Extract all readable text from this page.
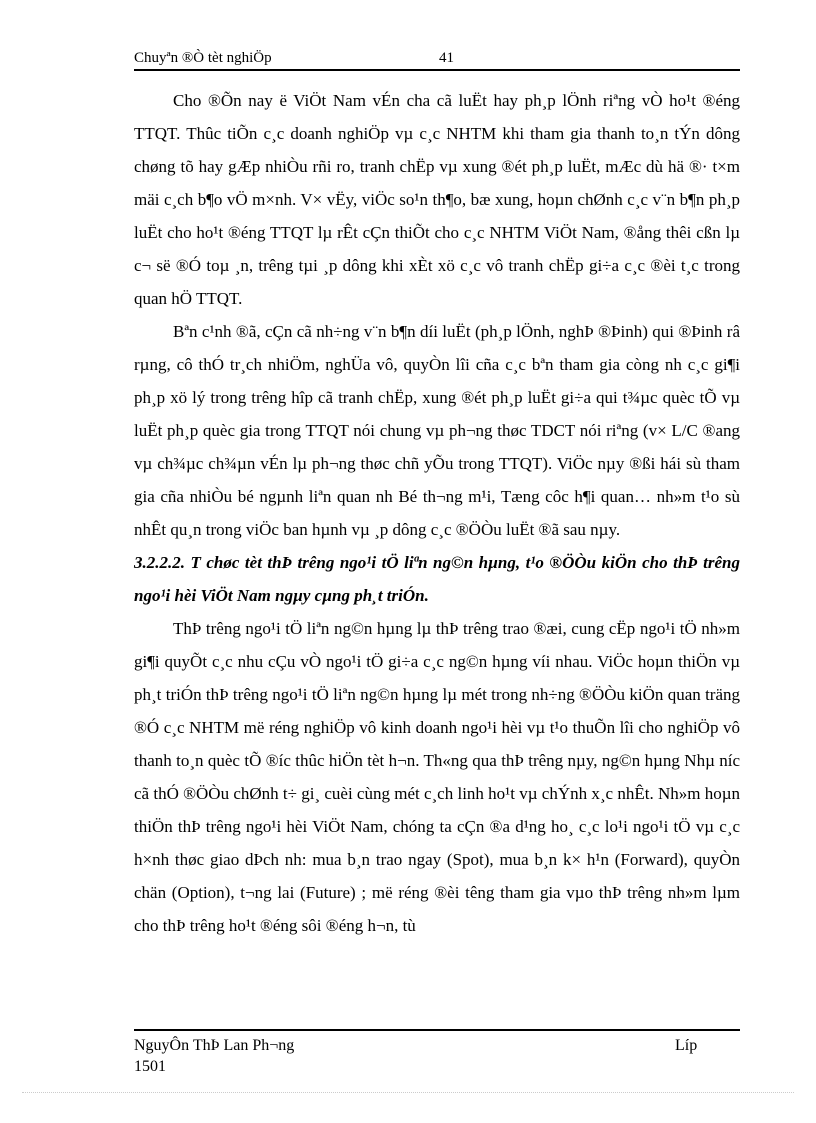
Chuyªn ®Ò tèt nghiÖp	41

Cho ®Õn nay ë ViÖt Nam vÉn cha cã luËt hay ph¸p lÖnh riªng vÒ ho¹t ®éng TTQT. Thûc tiÕn c¸c doanh nghiÖp vµ c¸c NHTM khi tham gia thanh to¸n tÝn dông chøng tõ hay gÆp nhiÒu rñi ro, tranh chËp vµ xung ®ét ph¸p luËt, mÆc dù hä ®· t×m mäi c¸ch b¶o vÖ m×nh. V× vËy, viÖc so¹n th¶o, bæ xung, hoµn chØnh c¸c v¨n b¶n ph¸p luËt cho ho¹t ®éng TTQT lµ rÊt cÇn thiÕt cho c¸c NHTM ViÖt Nam, ®ång thêi cßn lµ c¬ së ®Ó toµ ¸n, trêng tµi ¸p dông khi xÈt xö c¸c vô tranh chËp gi÷a c¸c ®èi t¸c trong quan hÖ TTQT.

Bªn c¹nh ®ã, cÇn cã nh÷ng v¨n b¶n díi luËt (ph¸p lÖnh, nghÞ ®Þinh) qui ®Þinh râ rµng, cô thÓ tr¸ch nhiÖm, nghÜa vô, quyÒn lîi cña c¸c bªn tham gia còng nh c¸c gi¶i ph¸p xö lý trong trêng hîp cã tranh chËp, xung ®ét ph¸p luËt gi÷a qui t¾µc quèc tÕ vµ luËt ph¸p quèc gia trong TTQT nói chung vµ ph¬ng thøc TDCT nói riªng (v× L/C ®ang vµ ch¾µc ch¾µn vÉn lµ ph¬ng thøc chñ yÕu trong TTQT). ViÖc nµy ®ßi hái sù tham gia cña nhiÒu bé ngµnh liªn quan nh Bé th¬ng m¹i, Tæng côc h¶i quan… nh»m t¹o sù nhÊt qu¸n trong viÖc ban hµnh vµ ¸p dông c¸c ®ÖÒu luËt ®ã sau nµy.

3.2.2.2. T chøc tèt thÞ trêng ngo¹i tÖ liªn ng©n hµng, t¹o ®ÖÒu kiÖn cho thÞ trêng ngo¹i hèi ViÖt Nam ngµy cµng ph¸t triÓn.

ThÞ trêng ngo¹i tÖ liªn ng©n hµng lµ thÞ trêng trao ®æi, cung cËp ngo¹i tÖ nh»m gi¶i quyÕt c¸c nhu cÇu vÒ ngo¹i tÖ gi÷a c¸c ng©n hµng víi nhau. ViÖc hoµn thiÖn vµ ph¸t triÓn thÞ trêng ngo¹i tÖ liªn ng©n hµng lµ mét trong nh÷ng ®ÖÒu kiÖn quan träng ®Ó c¸c NHTM më réng nghiÖp vô kinh doanh ngo¹i hèi vµ t¹o thuÕn lîi cho nghiÖp vô thanh to¸n quèc tÕ ®íc thûc hiÖn tèt h¬n. Th«ng qua thÞ trêng nµy, ng©n hµng Nhµ níc cã thÓ ®ÖÒu chØnh t÷ gi¸ cuèi cùng mét c¸ch linh ho¹t vµ chÝnh x¸c nhÊt. Nh»m hoµn thiÖn thÞ trêng ngo¹i hèi ViÖt Nam, chóng ta cÇn ®a d¹ng ho¸ c¸c lo¹i ngo¹i tÖ vµ c¸c h×nh thøc giao dÞch nh: mua b¸n trao ngay (Spot), mua b¸n k× h¹n (Forward), quyÒn chän (Option), t¬ng lai (Future) ; më réng ®èi têng tham gia vµo thÞ trêng nh»m lµm cho thÞ trêng ho¹t ®éng sôi ®éng h¬n, tù

NguyÔn ThÞ Lan Ph¬ng	Líp
1501
